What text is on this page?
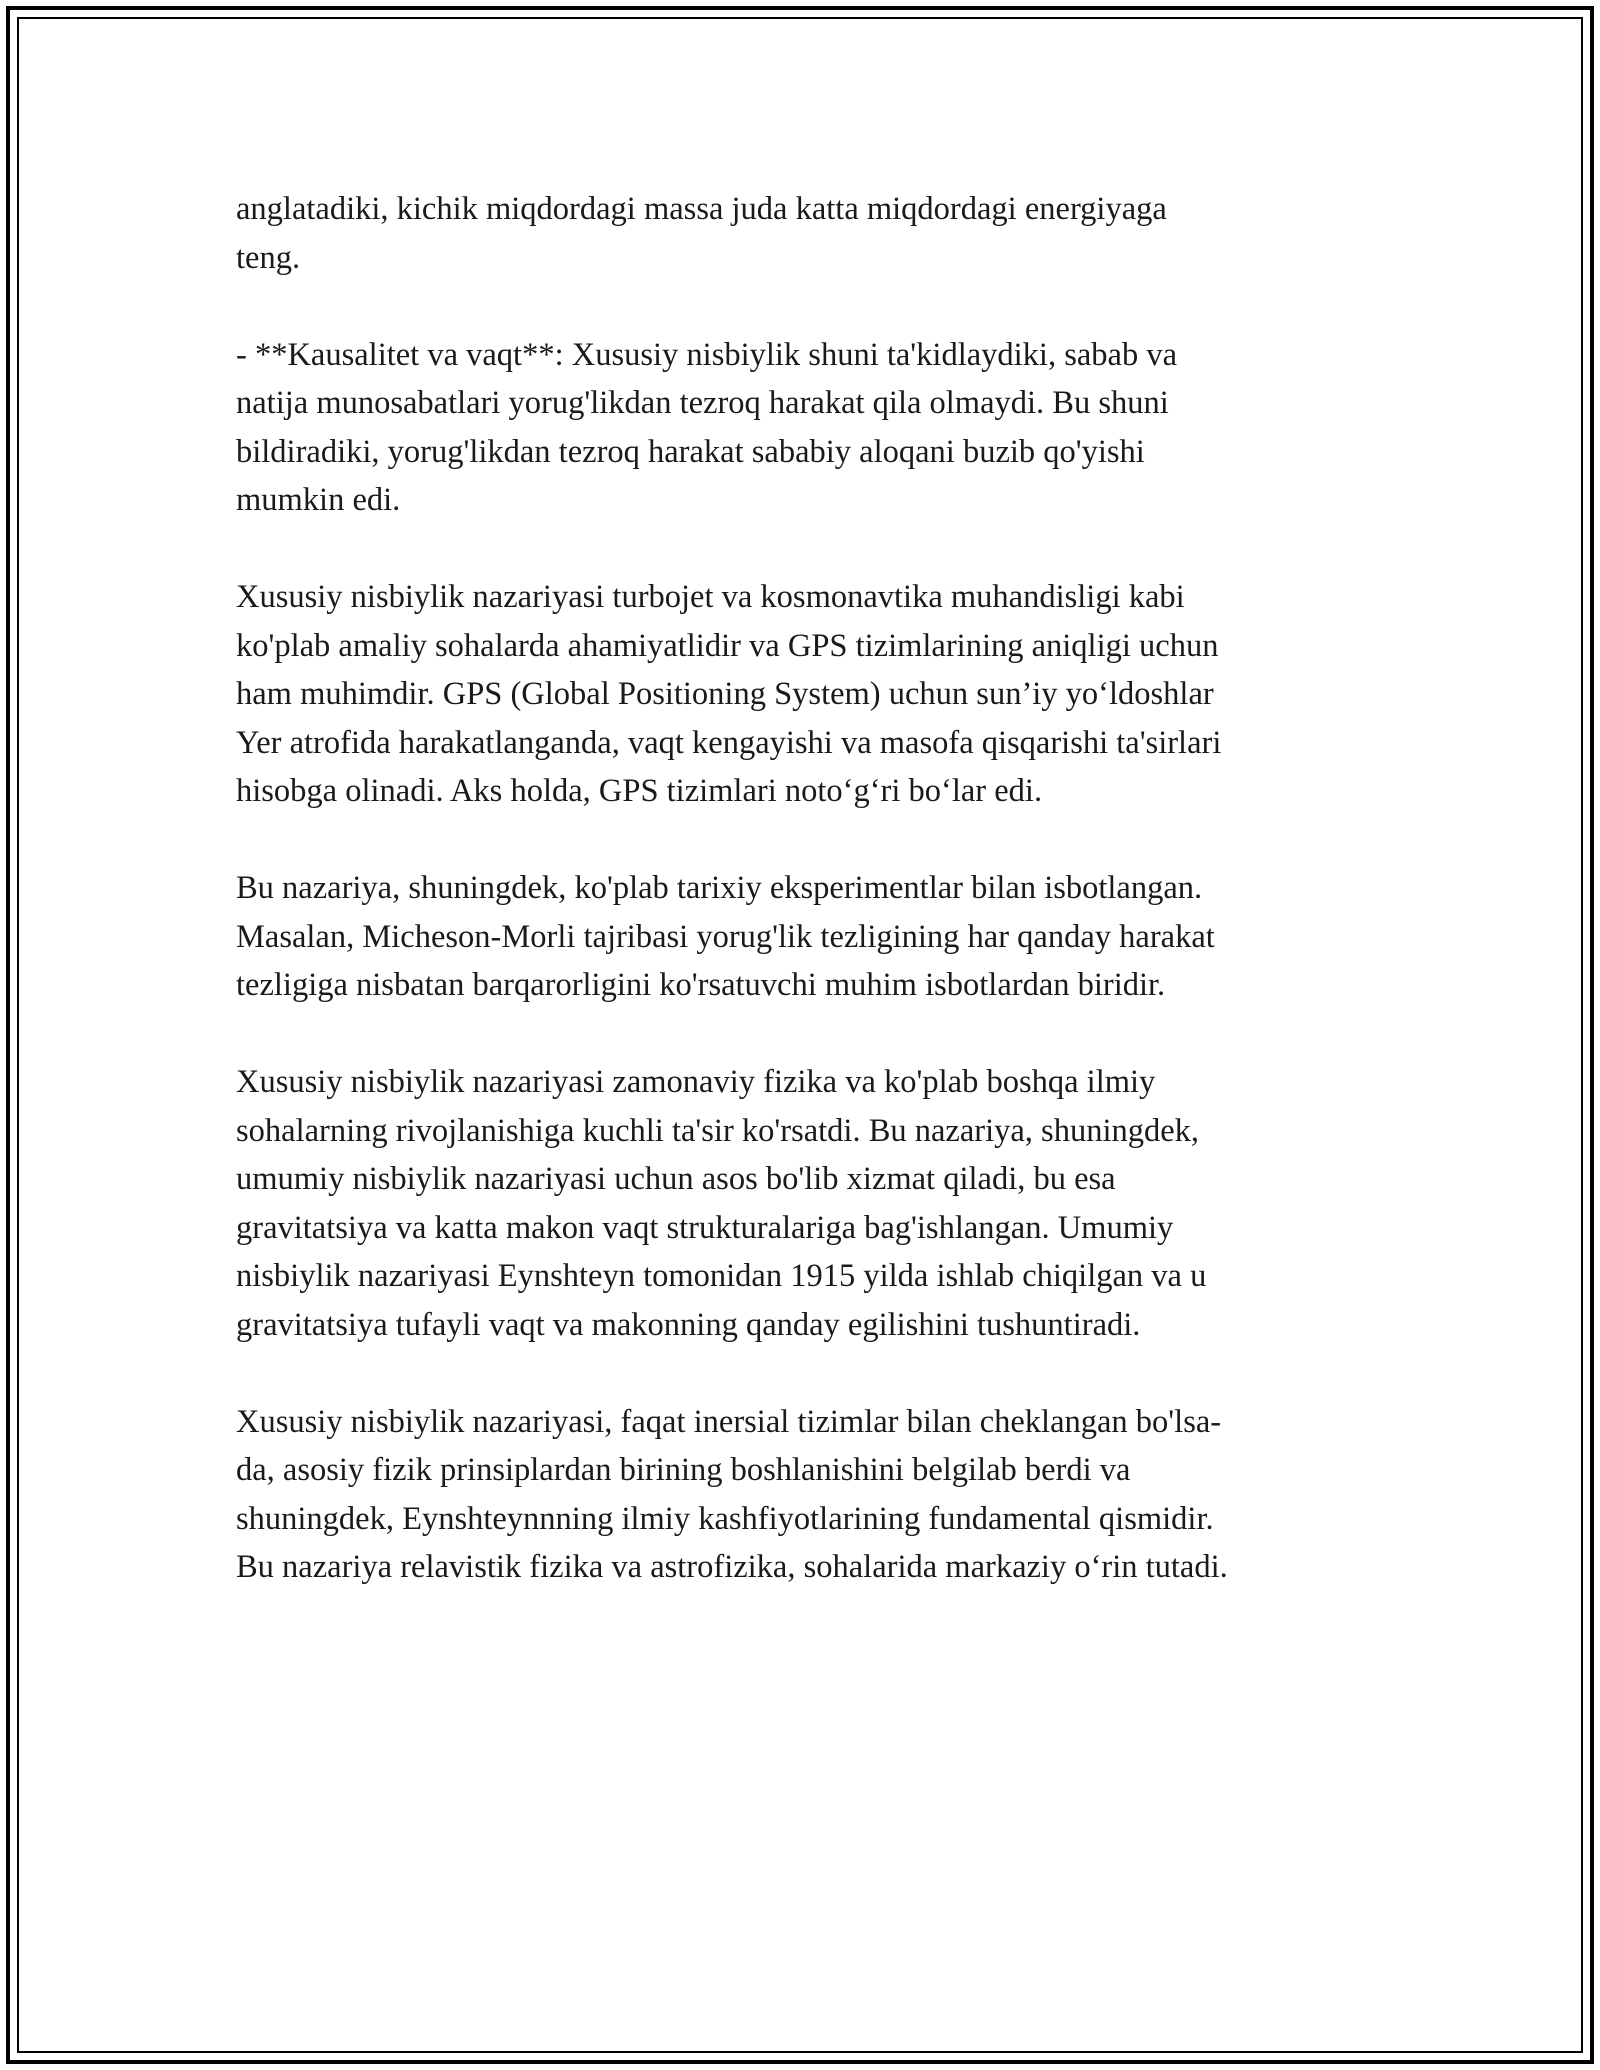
anglatadiki, kichik miqdordagi massa juda katta miqdordagi energiyaga
teng.

- **Kausalitet va vaqt**: Xususiy nisbiylik shuni ta'kidlaydiki, sabab va
natija munosabatlari yorug'likdan tezroq harakat qila olmaydi. Bu shuni
bildiradiki, yorug'likdan tezroq harakat sababiy aloqani buzib qo'yishi
mumkin edi.

Xususiy nisbiylik nazariyasi turbojet va kosmonavtika muhandisligi kabi
ko'plab amaliy sohalarda ahamiyatlidir va GPS tizimlarining aniqligi uchun
ham muhimdir. GPS (Global Positioning System) uchun sun’iy yo‘ldoshlar
Yer atrofida harakatlanganda, vaqt kengayishi va masofa qisqarishi ta'sirlari
hisobga olinadi. Aks holda, GPS tizimlari noto‘g‘ri bo‘lar edi.

Bu nazariya, shuningdek, ko'plab tarixiy eksperimentlar bilan isbotlangan.
Masalan, Micheson-Morli tajribasi yorug'lik tezligining har qanday harakat
tezligiga nisbatan barqarorligini ko'rsatuvchi muhim isbotlardan biridir.

Xususiy nisbiylik nazariyasi zamonaviy fizika va ko'plab boshqa ilmiy
sohalarning rivojlanishiga kuchli ta'sir ko'rsatdi. Bu nazariya, shuningdek,
umumiy nisbiylik nazariyasi uchun asos bo'lib xizmat qiladi, bu esa
gravitatsiya va katta makon vaqt strukturalariga bag'ishlangan. Umumiy
nisbiylik nazariyasi Eynshteyn tomonidan 1915 yilda ishlab chiqilgan va u
gravitatsiya tufayli vaqt va makonning qanday egilishini tushuntiradi.

Xususiy nisbiylik nazariyasi, faqat inersial tizimlar bilan cheklangan bo'lsa-
da, asosiy fizik prinsiplardan birining boshlanishini belgilab berdi va
shuningdek, Eynshteynnning ilmiy kashfiyotlarining fundamental qismidir.
Bu nazariya relavistik fizika va astrofizika, sohalarida markaziy o‘rin tutadi.
